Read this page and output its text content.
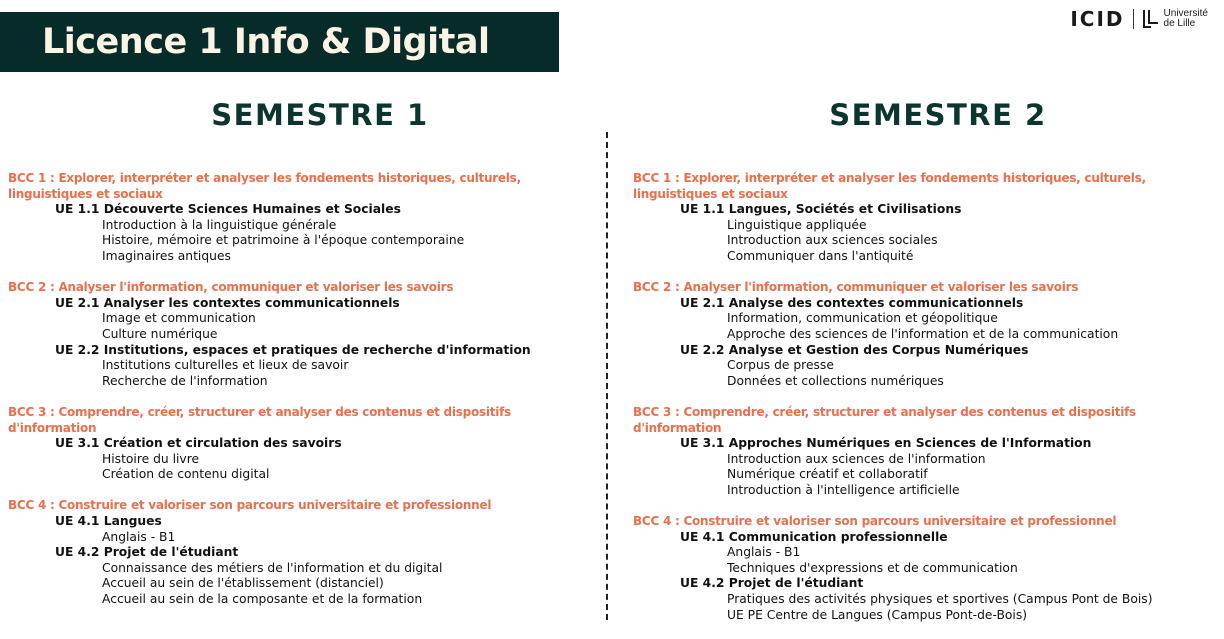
Licence 1 Info & Digital
ICID	Université
de Lille
SEMESTRE 1	SEMESTRE 2
BCC 1 : Explorer, interpréter et analyser les fondements historiques, culturels, linguistiques et sociaux
UE 1.1 Découverte Sciences Humaines et Sociales
Introduction à la linguistique générale
Histoire, mémoire et patrimoine à l'époque contemporaine
Imaginaires antiques
BCC 2 : Analyser l'information, communiquer et valoriser les savoirs
UE 2.1 Analyser les contextes communicationnels
Image et communication
Culture numérique
UE 2.2 Institutions, espaces et pratiques de recherche d'information
Institutions culturelles et lieux de savoir
Recherche de l'information
BCC 3 : Comprendre, créer, structurer et analyser des contenus et dispositifs d'information
UE 3.1 Création et circulation des savoirs
Histoire du livre
Création de contenu digital
BCC 4 : Construire et valoriser son parcours universitaire et professionnel
UE 4.1 Langues
Anglais - B1
UE 4.2 Projet de l'étudiant
Connaissance des métiers de l'information et du digital
Accueil au sein de l'établissement (distanciel)
Accueil au sein de la composante et de la formation
BCC 1 : Explorer, interpréter et analyser les fondements historiques, culturels, linguistiques et sociaux
UE 1.1 Langues, Sociétés et Civilisations
Linguistique appliquée
Introduction aux sciences sociales
Communiquer dans l'antiquité
BCC 2 : Analyser l'information, communiquer et valoriser les savoirs
UE 2.1 Analyse des contextes communicationnels
Information, communication et géopolitique
Approche des sciences de l'information et de la communication
UE 2.2 Analyse et Gestion des Corpus Numériques
Corpus de presse
Données et collections numériques
BCC 3 : Comprendre, créer, structurer et analyser des contenus et dispositifs d'information
UE 3.1 Approches Numériques en Sciences de l'Information
Introduction aux sciences de l'information
Numérique créatif et collaboratif
Introduction à l'intelligence artificielle
BCC 4 : Construire et valoriser son parcours universitaire et professionnel
UE 4.1 Communication professionnelle
Anglais - B1
Techniques d'expressions et de communication
UE 4.2 Projet de l'étudiant
Pratiques des activités physiques et sportives (Campus Pont de Bois)
UE PE Centre de Langues (Campus Pont-de-Bois)
